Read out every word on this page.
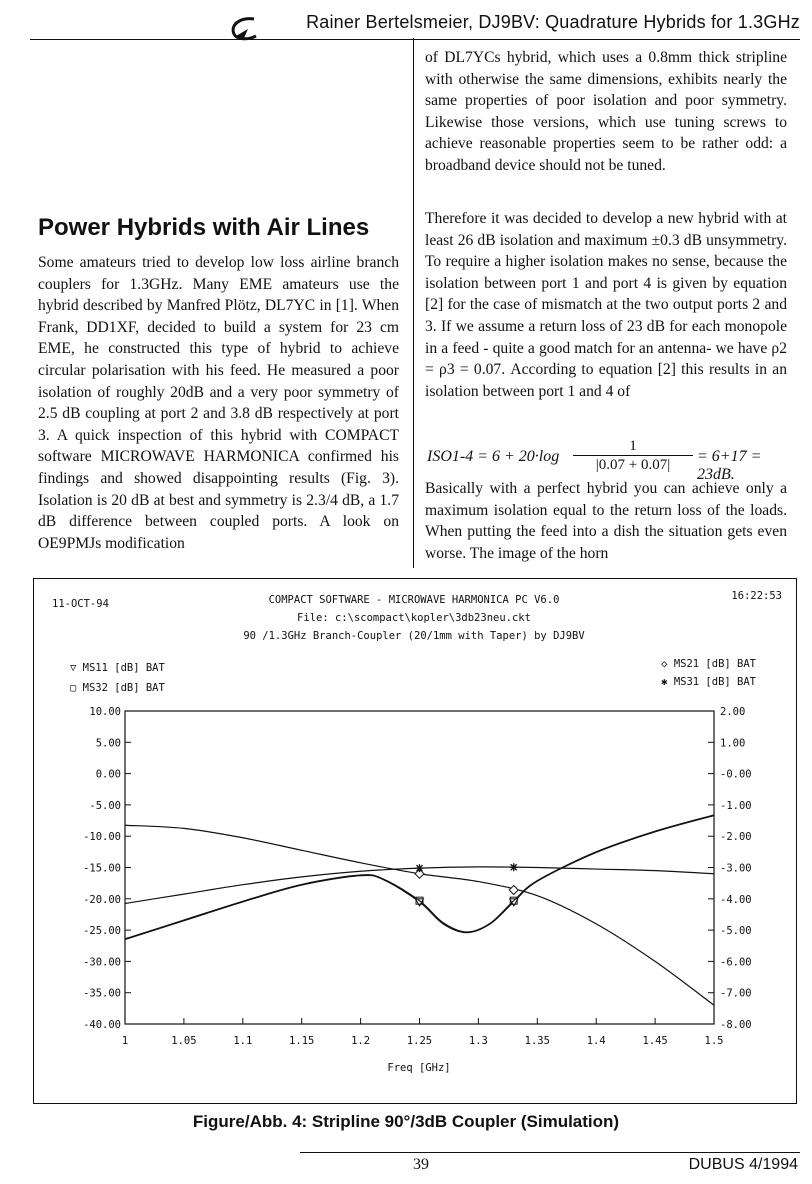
Rainer Bertelsmeier, DJ9BV: Quadrature Hybrids for 1.3GHz
Power Hybrids with Air Lines

Some amateurs tried to develop low loss airline branch couplers for 1.3GHz. Many EME amateurs use the hybrid described by Manfred Plötz, DL7YC in [1]. When Frank, DD1XF, decided to build a system for 23 cm EME, he constructed this type of hybrid to achieve circular polarisation with his feed. He measured a poor isolation of roughly 20dB and a very poor symmetry of 2.5 dB coupling at port 2 and 3.8 dB respectively at port 3. A quick inspection of this hybrid with COMPACT software MICROWAVE HARMONICA confirmed his findings and showed disappointing results (Fig. 3). Isolation is 20 dB at best and symmetry is 2.3/4 dB, a 1.7 dB difference between coupled ports. A look on OE9PMJs modification

of DL7YCs hybrid, which uses a 0.8mm thick stripline with otherwise the same dimensions, exhibits nearly the same properties of poor isolation and poor symmetry. Likewise those versions, which use tuning screws to achieve reasonable properties seem to be rather odd: a broadband device should not be tuned.

Therefore it was decided to develop a new hybrid with at least 26 dB isolation and maximum ±0.3 dB unsymmetry. To require a higher isolation makes no sense, because the isolation between port 1 and port 4 is given by equation [2] for the case of mismatch at the two output ports 2 and 3. If we assume a return loss of 23 dB for each monopole in a feed - quite a good match for an antenna- we have ρ2 = ρ3 = 0.07. According to equation [2] this results in an isolation between port 1 and 4 of

$ISO1-4 = 6 + 20\cdot\log \frac{1}{|0.07 + 0.07|} = 6+17 = 23dB$.

Basically with a perfect hybrid you can achieve only a maximum isolation equal to the return loss of the loads. When putting the feed into a dish the situation gets even worse. The image of the horn

11-OCT-94
16:22:53
COMPACT SOFTWARE - MICROWAVE HARMONICA PC V6.0
File: c:\scompact\kopler\3db23neu.ckt
90 /1.3GHz Branch-Coupler (20/1mm with Taper) by DJ9BV
▽ MS11 [dB] BAT
▢ MS32 [dB] BAT
◇ MS21 [dB] BAT
✱ MS31 [dB] BAT
Freq [GHz]
1	1.05	1.1	1.15	1.2	1.25	1.3	1.35	1.4	1.45	1.5
10.00
5.00
0.00
-5.00
-10.00
-15.00
-20.00
-25.00
-30.00
-35.00
-40.00
2.00
1.00
-0.00
-1.00
-2.00
-3.00
-4.00
-5.00
-6.00
-7.00
-8.00
Figure/Abb. 4: Stripline 90°/3dB Coupler (Simulation)
39	DUBUS 4/1994
